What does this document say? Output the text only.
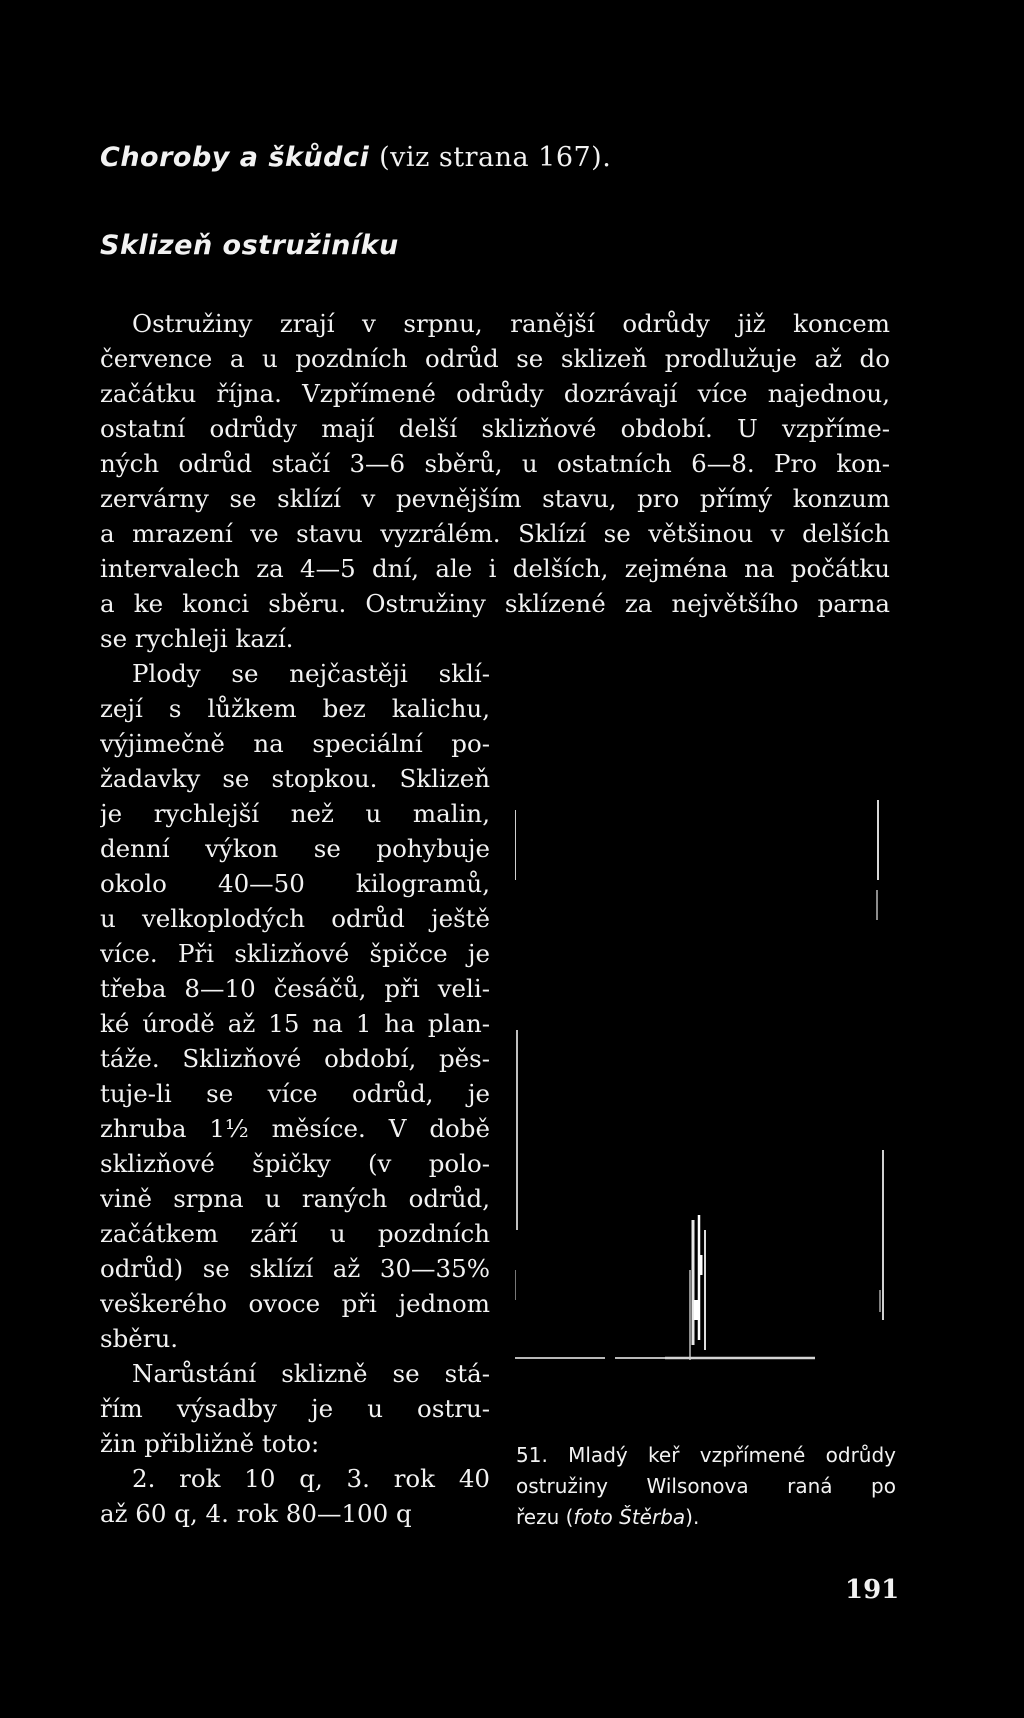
Choroby a škůdci (viz strana 167).
Sklizeň ostružiníku
Ostružiny zrají v srpnu, ranější odrůdy již koncem
července a u pozdních odrůd se sklizeň prodlužuje až do
začátku října. Vzpřímené odrůdy dozrávají více najednou,
ostatní odrůdy mají delší sklizňové období. U vzpříme-
ných odrůd stačí 3—6 sběrů, u ostatních 6—8. Pro kon-
zervárny se sklízí v pevnějším stavu, pro přímý konzum
a mrazení ve stavu vyzrálém. Sklízí se většinou v delších
intervalech za 4—5 dní, ale i delších, zejména na počátku
a ke konci sběru. Ostružiny sklízené za největšího parna
se rychleji kazí.
Plody se nejčastěji sklí-
zejí s lůžkem bez kalichu,
výjimečně na speciální po-
žadavky se stopkou. Sklizeň
je rychlejší než u malin,
denní výkon se pohybuje
okolo 40—50 kilogramů,
u velkoplodých odrůd ještě
více. Při sklizňové špičce je
třeba 8—10 česáčů, při veli-
ké úrodě až 15 na 1 ha plan-
táže. Sklizňové období, pěs-
tuje-li se více odrůd, je
zhruba 1½ měsíce. V době
sklizňové špičky (v polo-
vině srpna u raných odrůd,
začátkem září u pozdních
odrůd) se sklízí až 30—35%
veškerého ovoce při jednom
sběru.
Narůstání sklizně se stá-
řím výsadby je u ostru-
žin přibližně toto:
2. rok 10 q, 3. rok 40
až 60 q, 4. rok 80—100 q
51. Mladý keř vzpřímené odrůdy
ostružiny Wilsonova raná po
řezu (foto Štěrba).
191
